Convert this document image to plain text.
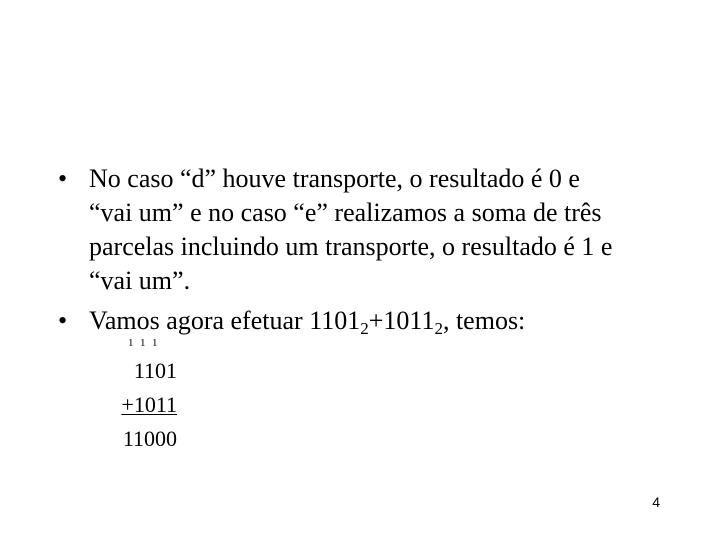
• No caso “d” houve transporte, o resultado é 0 e
“vai um” e no caso “e” realizamos a soma de três
parcelas incluindo um transporte, o resultado é 1 e
“vai um”.
• Vamos agora efetuar $1101_2+1011_2$, temos:
1 1 1
1101
+1011
11000
4
